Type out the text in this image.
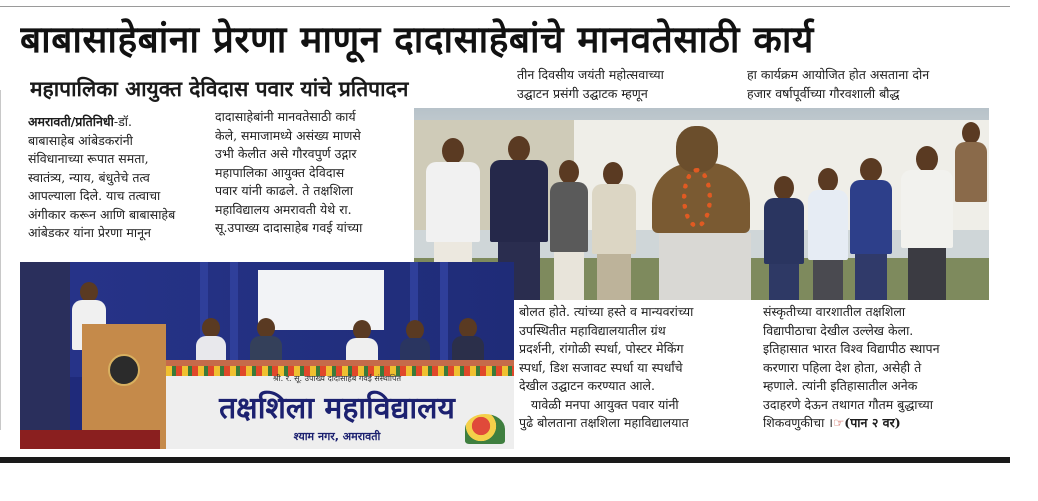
बाबासाहेबांना प्रेरणा माणून दादासाहेबांचे मानवतेसाठी कार्य
महापालिका आयुक्त देविदास पवार यांचे प्रतिपादन

अमरावती/प्रतिनिधी-डॉ.

बाबासाहेब आंबेडकरांनी

संविधानाच्या रूपात समता,

स्वातंत्र्य, न्याय, बंधुतेचे तत्व

आपल्याला दिले. याच तत्वाचा

अंगीकार करून आणि बाबासाहेब

आंबेडकर यांना प्रेरणा मानून

दादासाहेबांनी मानवतेसाठी कार्य

केले, समाजामध्ये असंख्य माणसे

उभी केलीत असे गौरवपुर्ण उद्गार

महापालिका आयुक्त देविदास

पवार यांनी काढले. ते तक्षशिला

महाविद्यालय अमरावती येथे रा.

सू.उपाख्य दादासाहेब गवई यांच्या

तीन दिवसीय जयंती महोत्सवाच्या

उद्घाटन प्रसंगी उद्घाटक म्हणून

हा कार्यक्रम आयोजित होत असताना दोन

हजार वर्षापूर्वीच्या गौरवशाली बौद्ध

श्री. र. सू. उपाख्य दादासाहेब गवई संस्थापित
तक्षशिला महाविद्यालय
श्याम नगर, अमरावती

बोलत होते. त्यांच्या हस्ते व मान्यवरांच्या

उपस्थितीत महाविद्यालयातील ग्रंथ

प्रदर्शनी, रांगोळी स्पर्धा, पोस्टर मेकिंग

स्पर्धा, डिश सजावट स्पर्धा या स्पर्धांचे

देखील उद्घाटन करण्यात आले.

यावेळी मनपा आयुक्त पवार यांनी

पुढे बोलताना तक्षशिला महाविद्यालयात

संस्कृतीच्या वारशातील तक्षशिला

विद्यापीठाचा देखील उल्लेख केला.

इतिहासात भारत विश्व विद्यापीठ स्थापन

करणारा पहिला देश होता, असेही ते

म्हणाले. त्यांनी इतिहासातील अनेक

उदाहरणे देऊन तथागत गौतम बुद्धाच्या

शिकवणुकीचा ।☞(पान २ वर)
